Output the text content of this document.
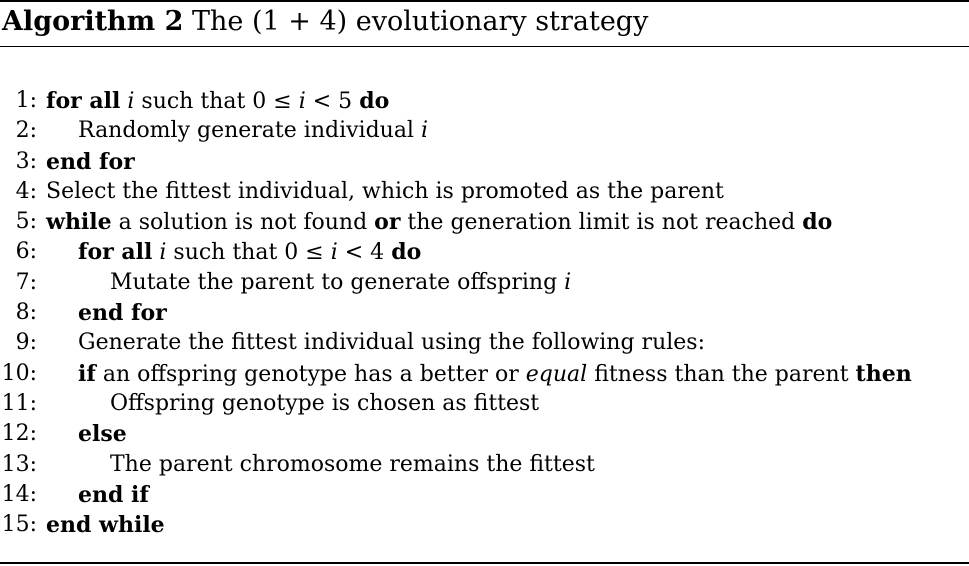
Algorithm 2 The (1 + 4) evolutionary strategy
1: for all i such that 0 ≤ i < 5 do
2: Randomly generate individual i
3: end for
4: Select the fittest individual, which is promoted as the parent
5: while a solution is not found or the generation limit is not reached do
6: for all i such that 0 ≤ i < 4 do
7:	Mutate the parent to generate offspring i
8: end for
9: Generate the fittest individual using the following rules:
10: if an offspring genotype has a better or equal fitness than the parent then
11:	Offspring genotype is chosen as fittest
12: else
13:	The parent chromosome remains the fittest
14: end if
15: end while
